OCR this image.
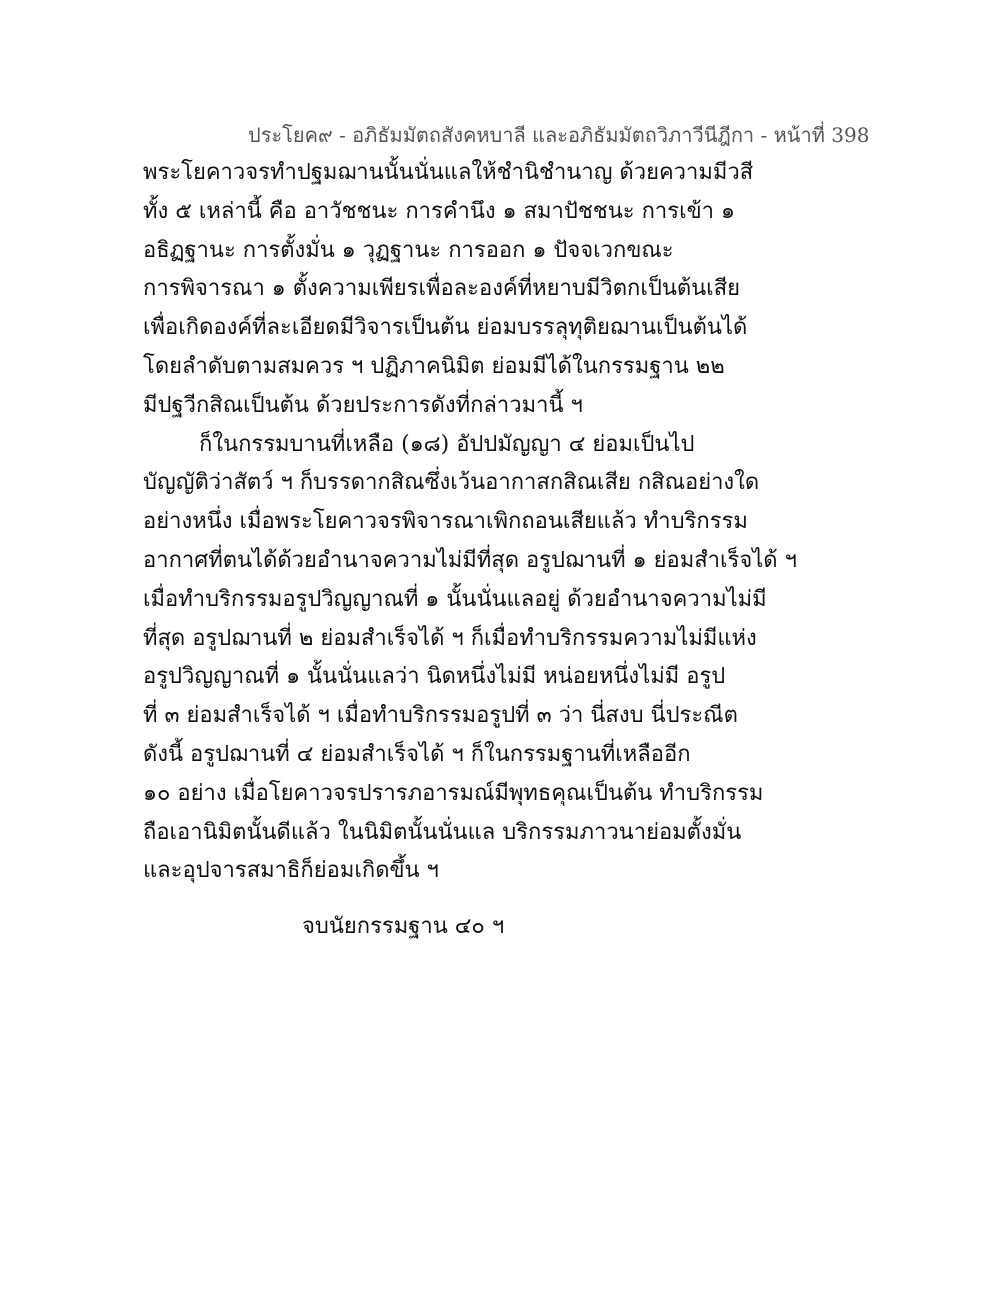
ประโยค๙ - อภิธัมมัตถสังคหบาลี และอภิธัมมัตถวิภาวีนีฎีกา - หน้าที่ 398
พระโยคาวจรทำปฐมฌานนั้นนั่นแลให้ชำนิชำนาญ ด้วยความมีวสี
ทั้ง ๕ เหล่านี้ คือ อาวัชชนะ การคำนึง ๑ สมาปัชชนะ การเข้า ๑
อธิฏฐานะ การตั้งมั่น ๑ วุฏฐานะ การออก ๑ ปัจจเวกขณะ
การพิจารณา ๑ ตั้งความเพียรเพื่อละองค์ที่หยาบมีวิตกเป็นต้นเสีย
เพื่อเกิดองค์ที่ละเอียดมีวิจารเป็นต้น ย่อมบรรลุทุติยฌานเป็นต้นได้
โดยลำดับตามสมควร ฯ ปฏิภาคนิมิต ย่อมมีได้ในกรรมฐาน ๒๒
มีปฐวีกสิณเป็นต้น ด้วยประการดังที่กล่าวมานี้ ฯ
ก็ในกรรมบานที่เหลือ (๑๘) อัปปมัญญา ๔ ย่อมเป็นไป
บัญญัติว่าสัตว์ ฯ ก็บรรดากสิณซึ่งเว้นอากาสกสิณเสีย กสิณอย่างใด
อย่างหนึ่ง เมื่อพระโยคาวจรพิจารณาเพิกถอนเสียแล้ว ทำบริกรรม
อากาศที่ตนได้ด้วยอำนาจความไม่มีที่สุด อรูปฌานที่ ๑ ย่อมสำเร็จได้ ฯ
เมื่อทำบริกรรมอรูปวิญญาณที่ ๑ นั้นนั่นแลอยู่ ด้วยอำนาจความไม่มี
ที่สุด อรูปฌานที่ ๒ ย่อมสำเร็จได้ ฯ ก็เมื่อทำบริกรรมความไม่มีแห่ง
อรูปวิญญาณที่ ๑ นั้นนั่นแลว่า นิดหนึ่งไม่มี หน่อยหนึ่งไม่มี อรูป
ที่ ๓ ย่อมสำเร็จได้ ฯ เมื่อทำบริกรรมอรูปที่ ๓ ว่า นี่สงบ นี่ประณีต
ดังนี้ อรูปฌานที่ ๔ ย่อมสำเร็จได้ ฯ ก็ในกรรมฐานที่เหลืออีก
๑๐ อย่าง เมื่อโยคาวจรปรารภอารมณ์มีพุทธคุณเป็นต้น ทำบริกรรม
ถือเอานิมิตนั้นดีแล้ว ในนิมิตนั้นนั่นแล บริกรรมภาวนาย่อมตั้งมั่น
และอุปจารสมาธิก็ย่อมเกิดขึ้น ฯ
จบนัยกรรมฐาน ๔๐ ฯ
